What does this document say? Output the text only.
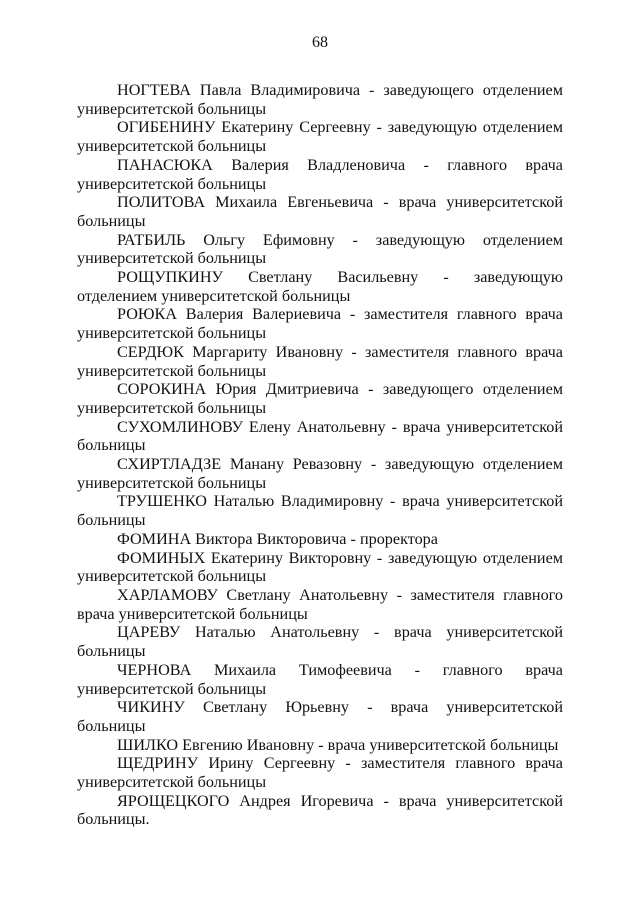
68

НОГТЕВА Павла Владимировича - заведующего отделением университетской больницы

ОГИБЕНИНУ Екатерину Сергеевну - заведующую отделением университетской больницы

ПАНАСЮКА Валерия Владленовича - главного врача университетской больницы

ПОЛИТОВА Михаила Евгеньевича - врача университетской больницы

РАТБИЛЬ Ольгу Ефимовну - заведующую отделением университетской больницы

РОЩУПКИНУ Светлану Васильевну - заведующую отделением университетской больницы

РОЮКА Валерия Валериевича - заместителя главного врача университетской больницы

СЕРДЮК Маргариту Ивановну - заместителя главного врача университетской больницы

СОРОКИНА Юрия Дмитриевича - заведующего отделением университетской больницы

СУХОМЛИНОВУ Елену Анатольевну - врача университетской больницы

СХИРТЛАДЗЕ Манану Ревазовну - заведующую отделением университетской больницы

ТРУШЕНКО Наталью Владимировну - врача университетской больницы

ФОМИНА Виктора Викторовича - проректора

ФОМИНЫХ Екатерину Викторовну - заведующую отделением университетской больницы

ХАРЛАМОВУ Светлану Анатольевну - заместителя главного врача университетской больницы

ЦАРЕВУ Наталью Анатольевну - врача университетской больницы

ЧЕРНОВА Михаила Тимофеевича - главного врача университетской больницы

ЧИКИНУ Светлану Юрьевну - врача университетской больницы

ШИЛКО Евгению Ивановну - врача университетской больницы

ЩЕДРИНУ Ирину Сергеевну - заместителя главного врача университетской больницы

ЯРОЩЕЦКОГО Андрея Игоревича - врача университетской больницы.
